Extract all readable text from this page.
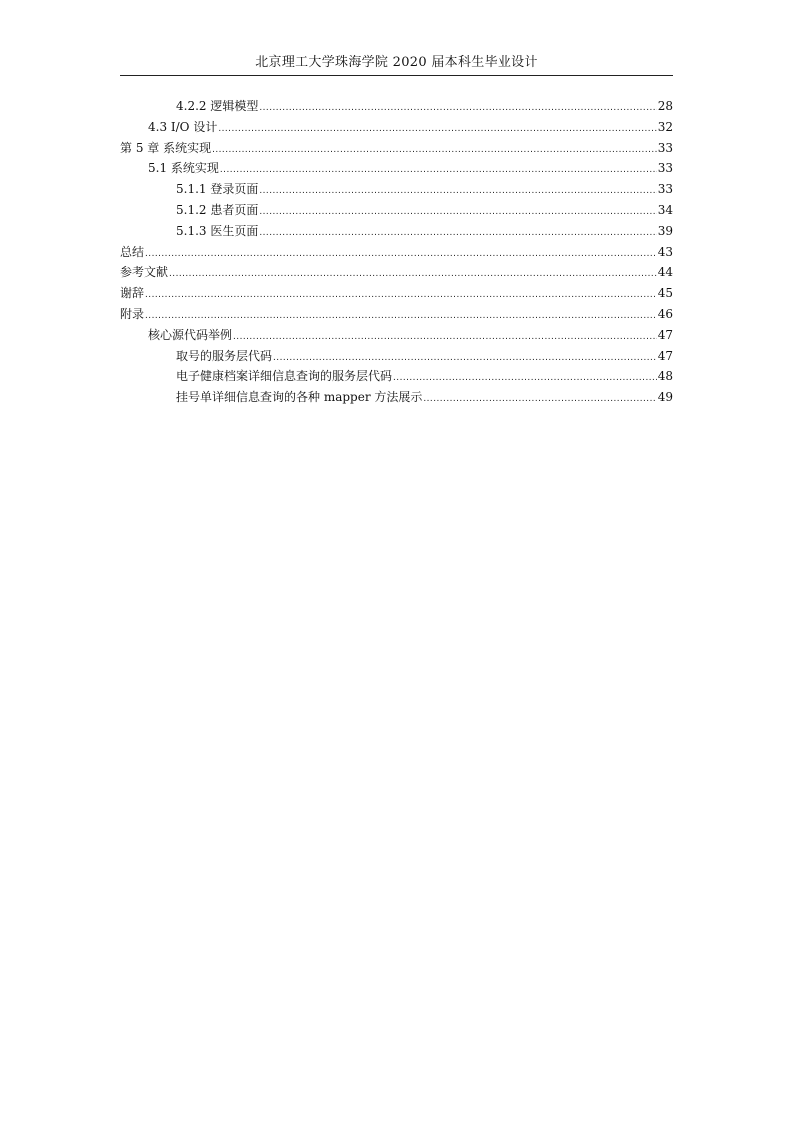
北京理工大学珠海学院 2020 届本科生毕业设计
4.2.2 逻辑模型 .....	28
4.3 I/O 设计 .....	32
第 5 章 系统实现 .....	33
5.1 系统实现 .....	33
5.1.1 登录页面 .....	33
5.1.2 患者页面 .....	34
5.1.3 医生页面 .....	39
总结 .....	43
参考文献 .....	44
谢辞 .....	45
附录 .....	46
核心源代码举例 .....	47
取号的服务层代码 .....	47
电子健康档案详细信息查询的服务层代码 .....	48
挂号单详细信息查询的各种 mapper 方法展示 .....	49
